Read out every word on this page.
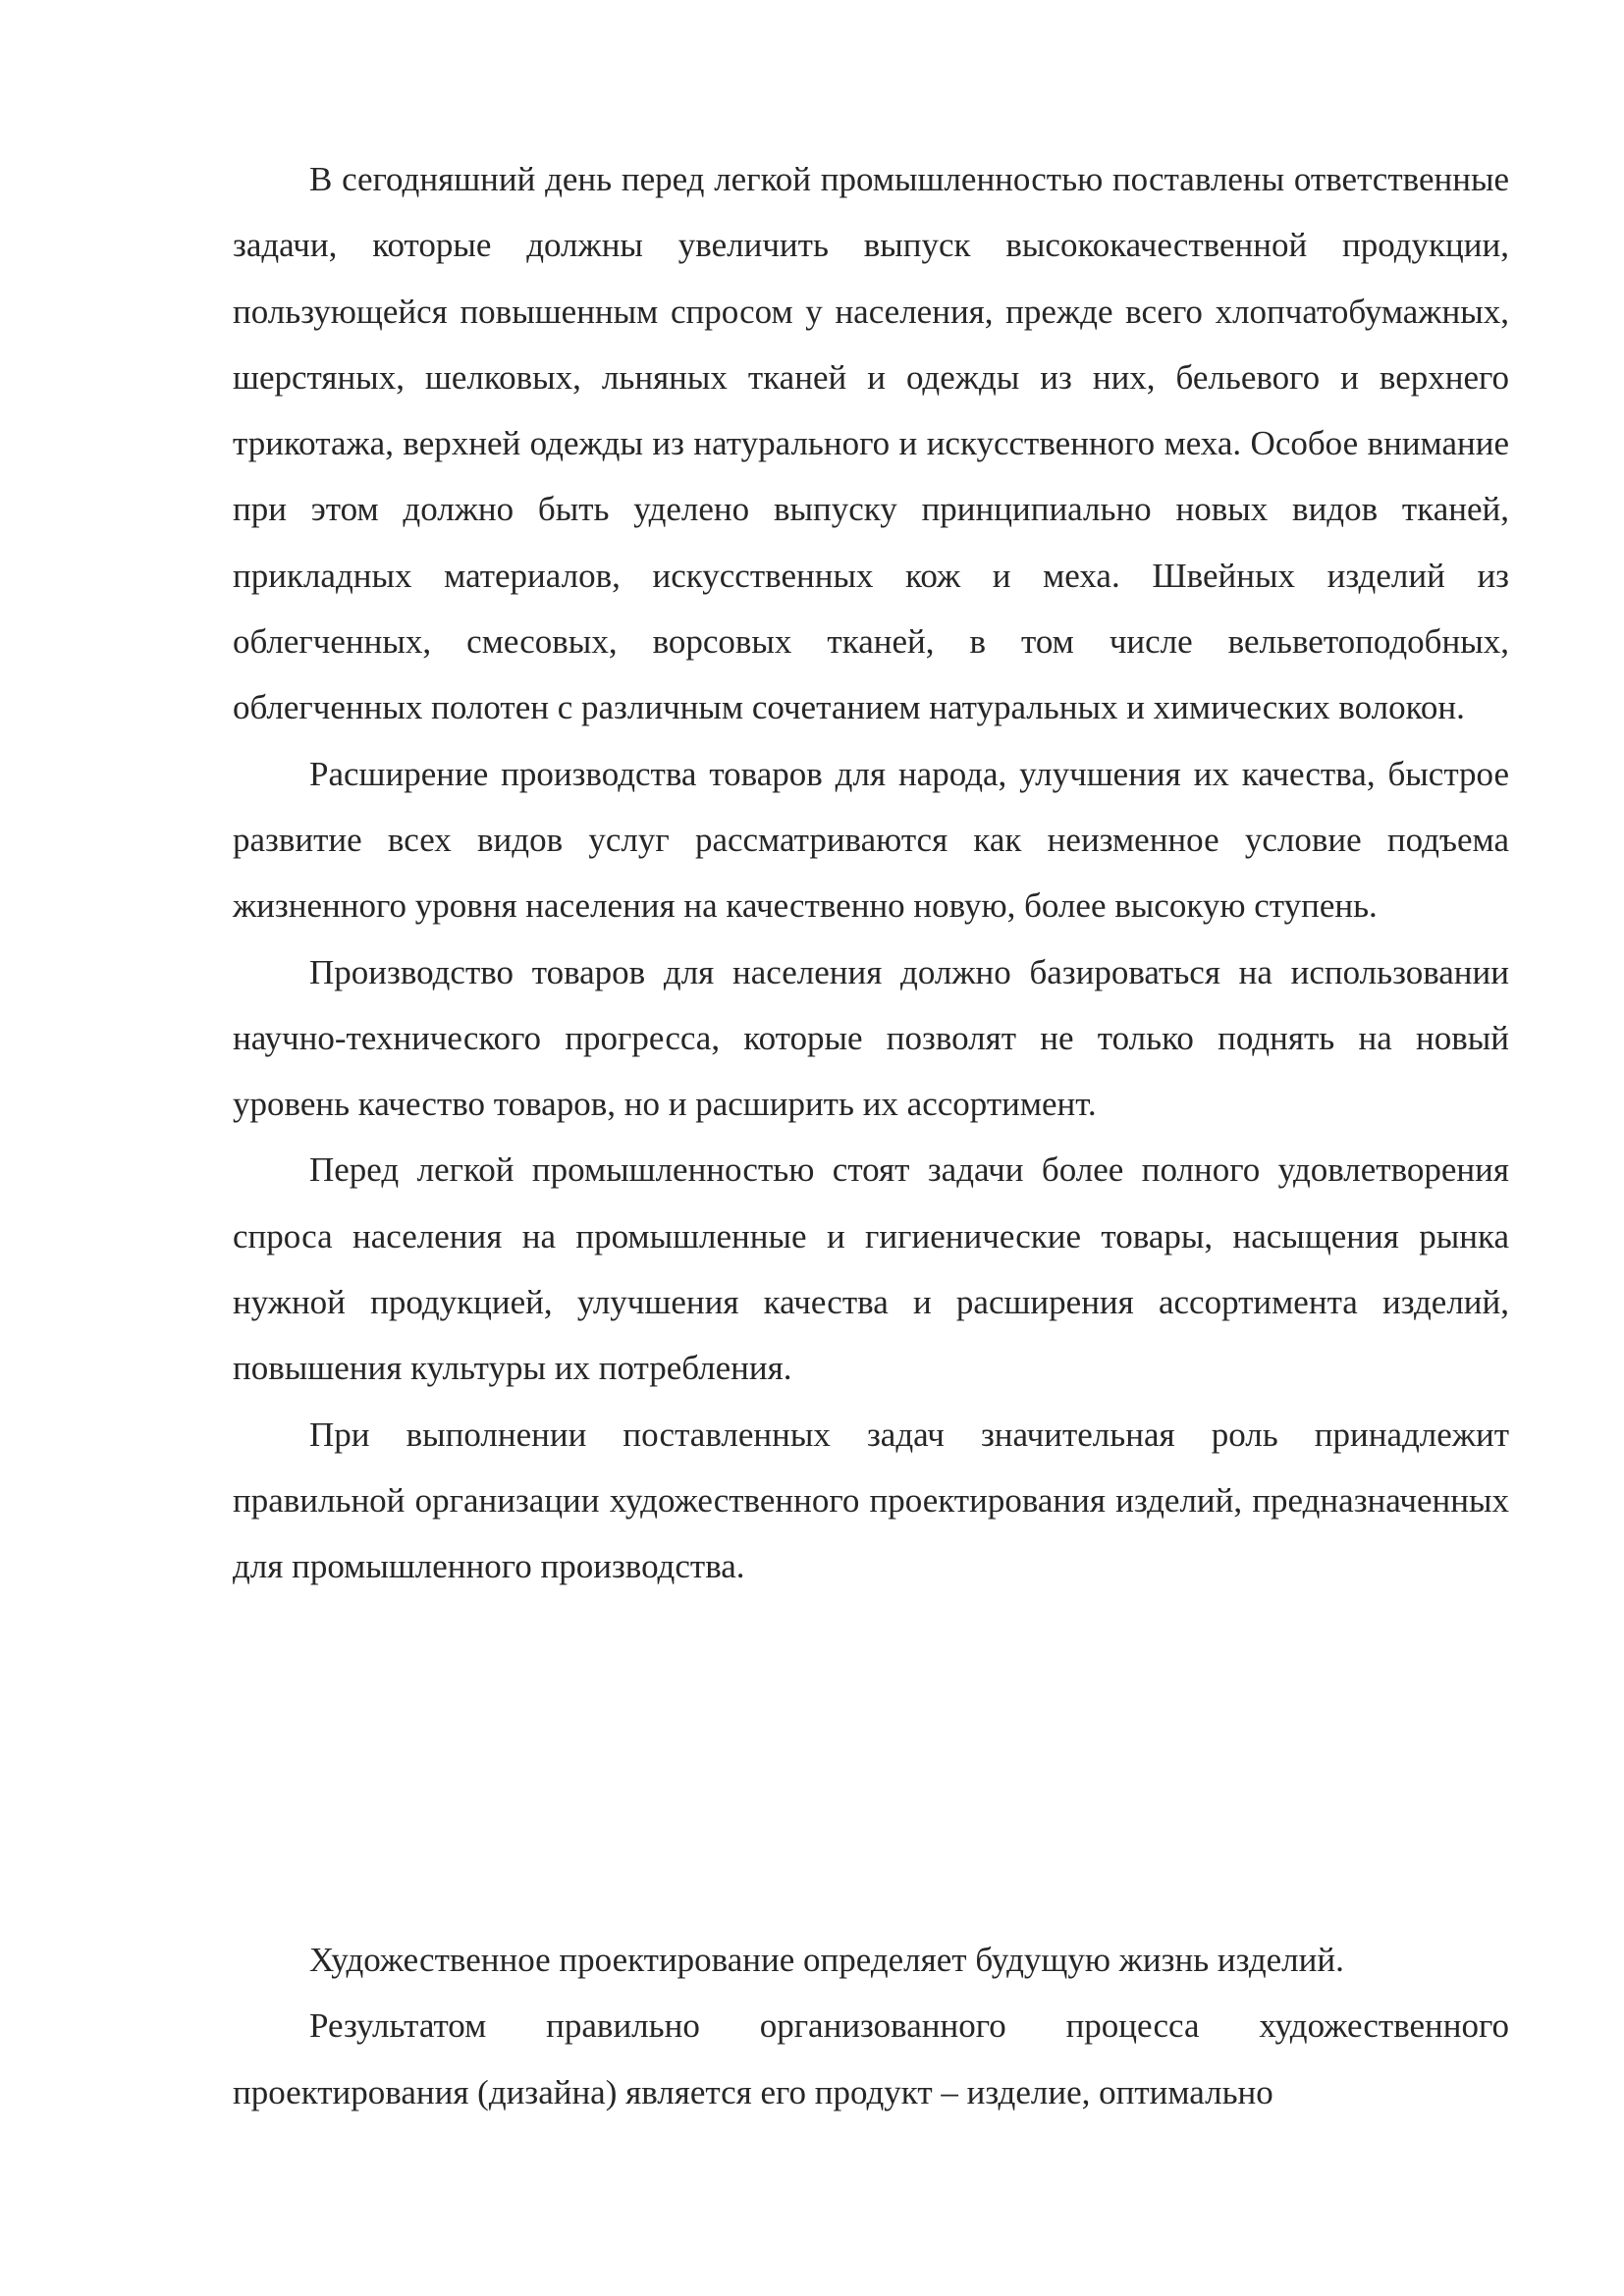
В сегодняшний день перед легкой промышленностью поставлены ответственные задачи, которые должны увеличить выпуск высококачественной продукции, пользующейся повышенным спросом у населения, прежде всего хлопчатобумажных, шерстяных, шелковых, льняных тканей и одежды из них, бельевого и верхнего трикотажа, верхней одежды из натурального и искусственного меха. Особое внимание при этом должно быть уделено выпуску принципиально новых видов тканей, прикладных материалов, искусственных кож и меха. Швейных изделий из облегченных, смесовых, ворсовых тканей, в том числе вельветоподобных, облегченных полотен с различным сочетанием натуральных и химических волокон.

Расширение производства товаров для народа, улучшения их качества, быстрое развитие всех видов услуг рассматриваются как неизменное условие подъема жизненного уровня населения на качественно новую, более высокую ступень.

Производство товаров для населения должно базироваться на использовании научно-технического прогресса, которые позволят не только поднять на новый уровень качество товаров, но и расширить их ассортимент.

Перед легкой промышленностью стоят задачи более полного удовлетворения спроса населения на промышленные и гигиенические товары, насыщения рынка нужной продукцией, улучшения качества и расширения ассортимента изделий, повышения культуры их потребления.

При выполнении поставленных задач значительная роль принадлежит правильной организации художественного проектирования изделий, предназначенных для промышленного производства.

Художественное проектирование определяет будущую жизнь изделий.

Результатом правильно организованного процесса художественного проектирования (дизайна) является его продукт – изделие, оптимально
